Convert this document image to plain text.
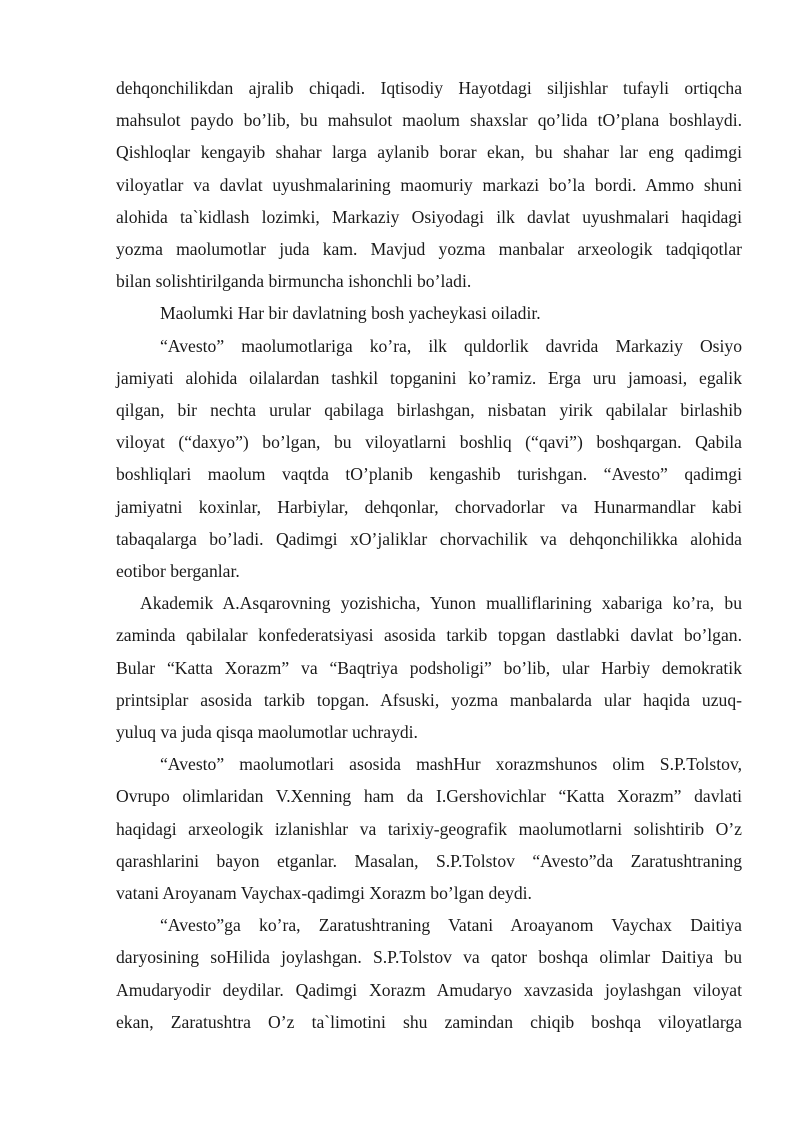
dehqonchilikdan ajralib chiqadi. Iqtisodiy Hayotdagi siljishlar tufayli ortiqcha
mahsulot paydo bo’lib, bu mahsulot maolum shaxslar qo’lida tO’plana boshlaydi.
Qishloqlar kengayib shahar larga aylanib borar ekan, bu shahar lar eng qadimgi
viloyatlar va davlat uyushmalarining maomuriy markazi bo’la bordi. Ammo shuni
alohida ta`kidlash lozimki, Markaziy Osiyodagi ilk davlat uyushmalari haqidagi
yozma maolumotlar juda kam. Mavjud yozma manbalar arxeologik tadqiqotlar
bilan solishtirilganda birmuncha ishonchli bo’ladi.

Maolumki Har bir davlatning bosh yacheykasi oiladir.

“Avesto” maolumotlariga ko’ra, ilk quldorlik davrida Markaziy Osiyo
jamiyati alohida oilalardan tashkil topganini ko’ramiz. Erga uru jamoasi, egalik
qilgan, bir nechta urular qabilaga birlashgan, nisbatan yirik qabilalar birlashib
viloyat (“daxyo”) bo’lgan, bu viloyatlarni boshliq (“qavi”) boshqargan. Qabila
boshliqlari maolum vaqtda tO’planib kengashib turishgan. “Avesto” qadimgi
jamiyatni koxinlar, Harbiylar, dehqonlar, chorvadorlar va Hunarmandlar kabi
tabaqalarga bo’ladi. Qadimgi xO’jaliklar chorvachilik va dehqonchilikka alohida
eotibor berganlar.

Akademik A.Asqarovning yozishicha, Yunon mualliflarining xabariga ko’ra, bu
zaminda qabilalar konfederatsiyasi asosida tarkib topgan dastlabki davlat bo’lgan.
Bular “Katta Xorazm” va “Baqtriya podsholigi” bo’lib, ular Harbiy demokratik
printsiplar asosida tarkib topgan. Afsuski, yozma manbalarda ular haqida uzuq-
yuluq va juda qisqa maolumotlar uchraydi.

“Avesto” maolumotlari asosida mashHur xorazmshunos olim S.P.Tolstov,
Ovrupo olimlaridan V.Xenning ham da I.Gershovichlar “Katta Xorazm” davlati
haqidagi arxeologik izlanishlar va tarixiy-geografik maolumotlarni solishtirib O’z
qarashlarini bayon etganlar. Masalan, S.P.Tolstov “Avesto”da Zaratushtraning
vatani Aroyanam Vaychax-qadimgi Xorazm bo’lgan deydi.

“Avesto”ga ko’ra, Zaratushtraning Vatani Aroayanom Vaychax Daitiya
daryosining soHilida joylashgan. S.P.Tolstov va qator boshqa olimlar Daitiya bu
Amudaryodir deydilar. Qadimgi Xorazm Amudaryo xavzasida joylashgan viloyat
ekan, Zaratushtra O’z ta`limotini shu zamindan chiqib boshqa viloyatlarga
